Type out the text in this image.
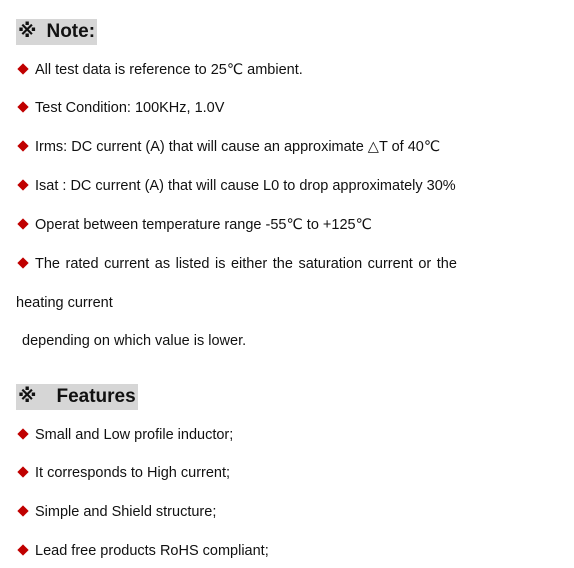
※ Note:
All test data is reference to 25℃ ambient.
Test Condition: 100KHz, 1.0V
Irms: DC current (A) that will cause an approximate △T of 40℃
Isat : DC current (A) that will cause L0 to drop approximately 30%
Operat between temperature range -55℃ to +125℃
The rated current as listed is either the saturation current or the
heating current
depending on which value is lower.
※ Features
Small and Low profile inductor;
It corresponds to High current;
Simple and Shield structure;
Lead free products RoHS compliant;
